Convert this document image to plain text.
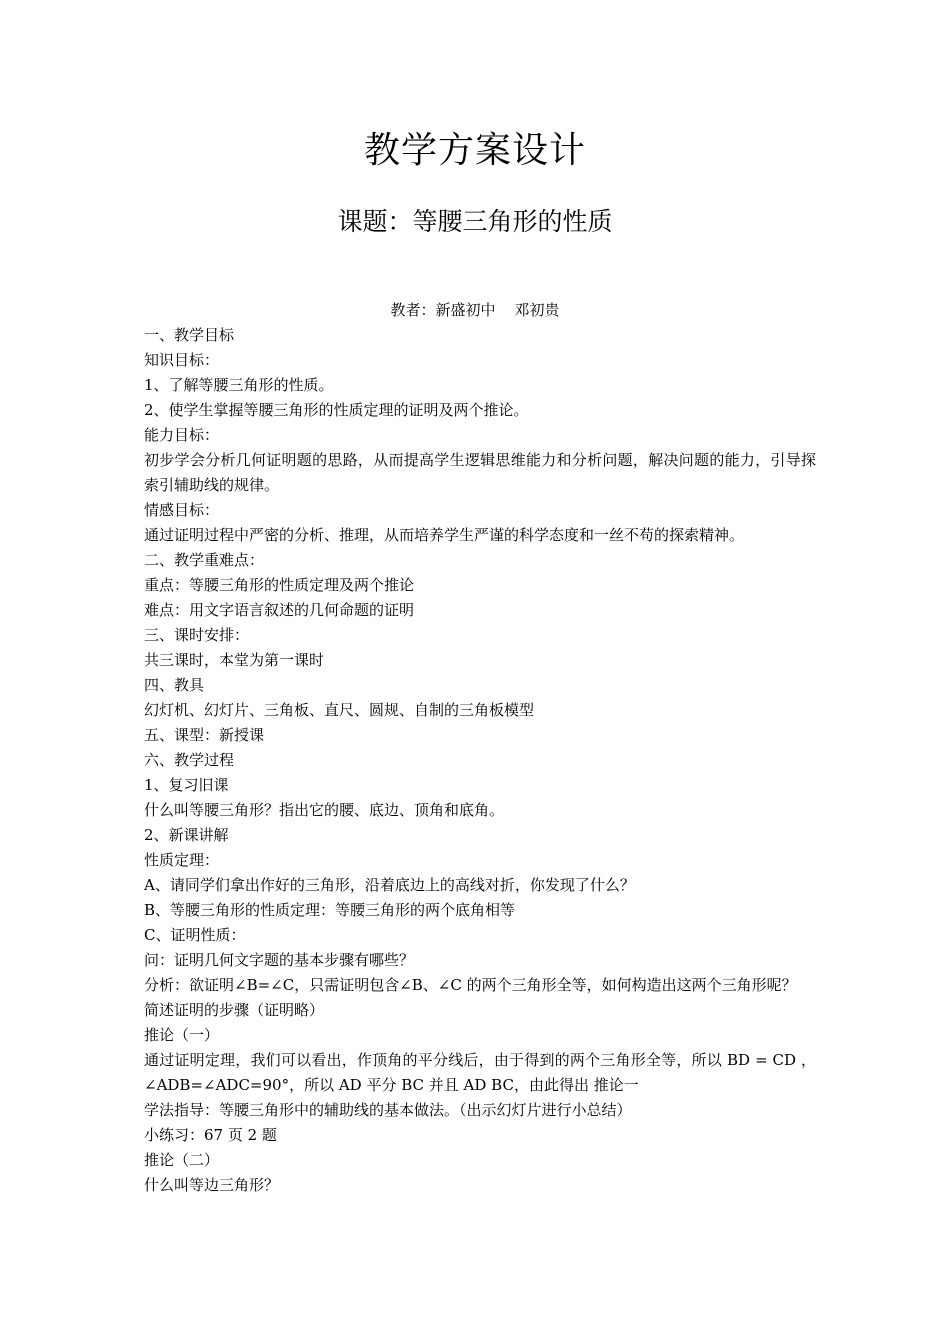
教学方案设计
课题：等腰三角形的性质
教者：新盛初中    邓初贵
一、教学目标
知识目标：
1、了解等腰三角形的性质。
2、使学生掌握等腰三角形的性质定理的证明及两个推论。
能力目标：
初步学会分析几何证明题的思路，从而提高学生逻辑思维能力和分析问题，解决问题的能力，引导探索引辅助线的规律。
情感目标：
通过证明过程中严密的分析、推理，从而培养学生严谨的科学态度和一丝不苟的探索精神。
二、教学重难点：
重点：等腰三角形的性质定理及两个推论
难点：用文字语言叙述的几何命题的证明
三、课时安排：
共三课时，本堂为第一课时
四、教具
幻灯机、幻灯片、三角板、直尺、圆规、自制的三角板模型
五、课型：新授课
六、教学过程
1、复习旧课
什么叫等腰三角形？指出它的腰、底边、顶角和底角。
2、新课讲解
性质定理：
A、请同学们拿出作好的三角形，沿着底边上的高线对折，你发现了什么？
B、等腰三角形的性质定理：等腰三角形的两个底角相等
C、证明性质：
问：证明几何文字题的基本步骤有哪些？
分析：欲证明∠B=∠C，只需证明包含∠B、∠C 的两个三角形全等，如何构造出这两个三角形呢？
简述证明的步骤（证明略）
推论（一）
通过证明定理，我们可以看出，作顶角的平分线后，由于得到的两个三角形全等，所以 BD = CD ，∠ADB=∠ADC=90°，所以 AD 平分 BC 并且 AD BC，由此得出 推论一
学法指导：等腰三角形中的辅助线的基本做法。（出示幻灯片进行小总结）
小练习：67 页 2 题
推论（二）
什么叫等边三角形？
